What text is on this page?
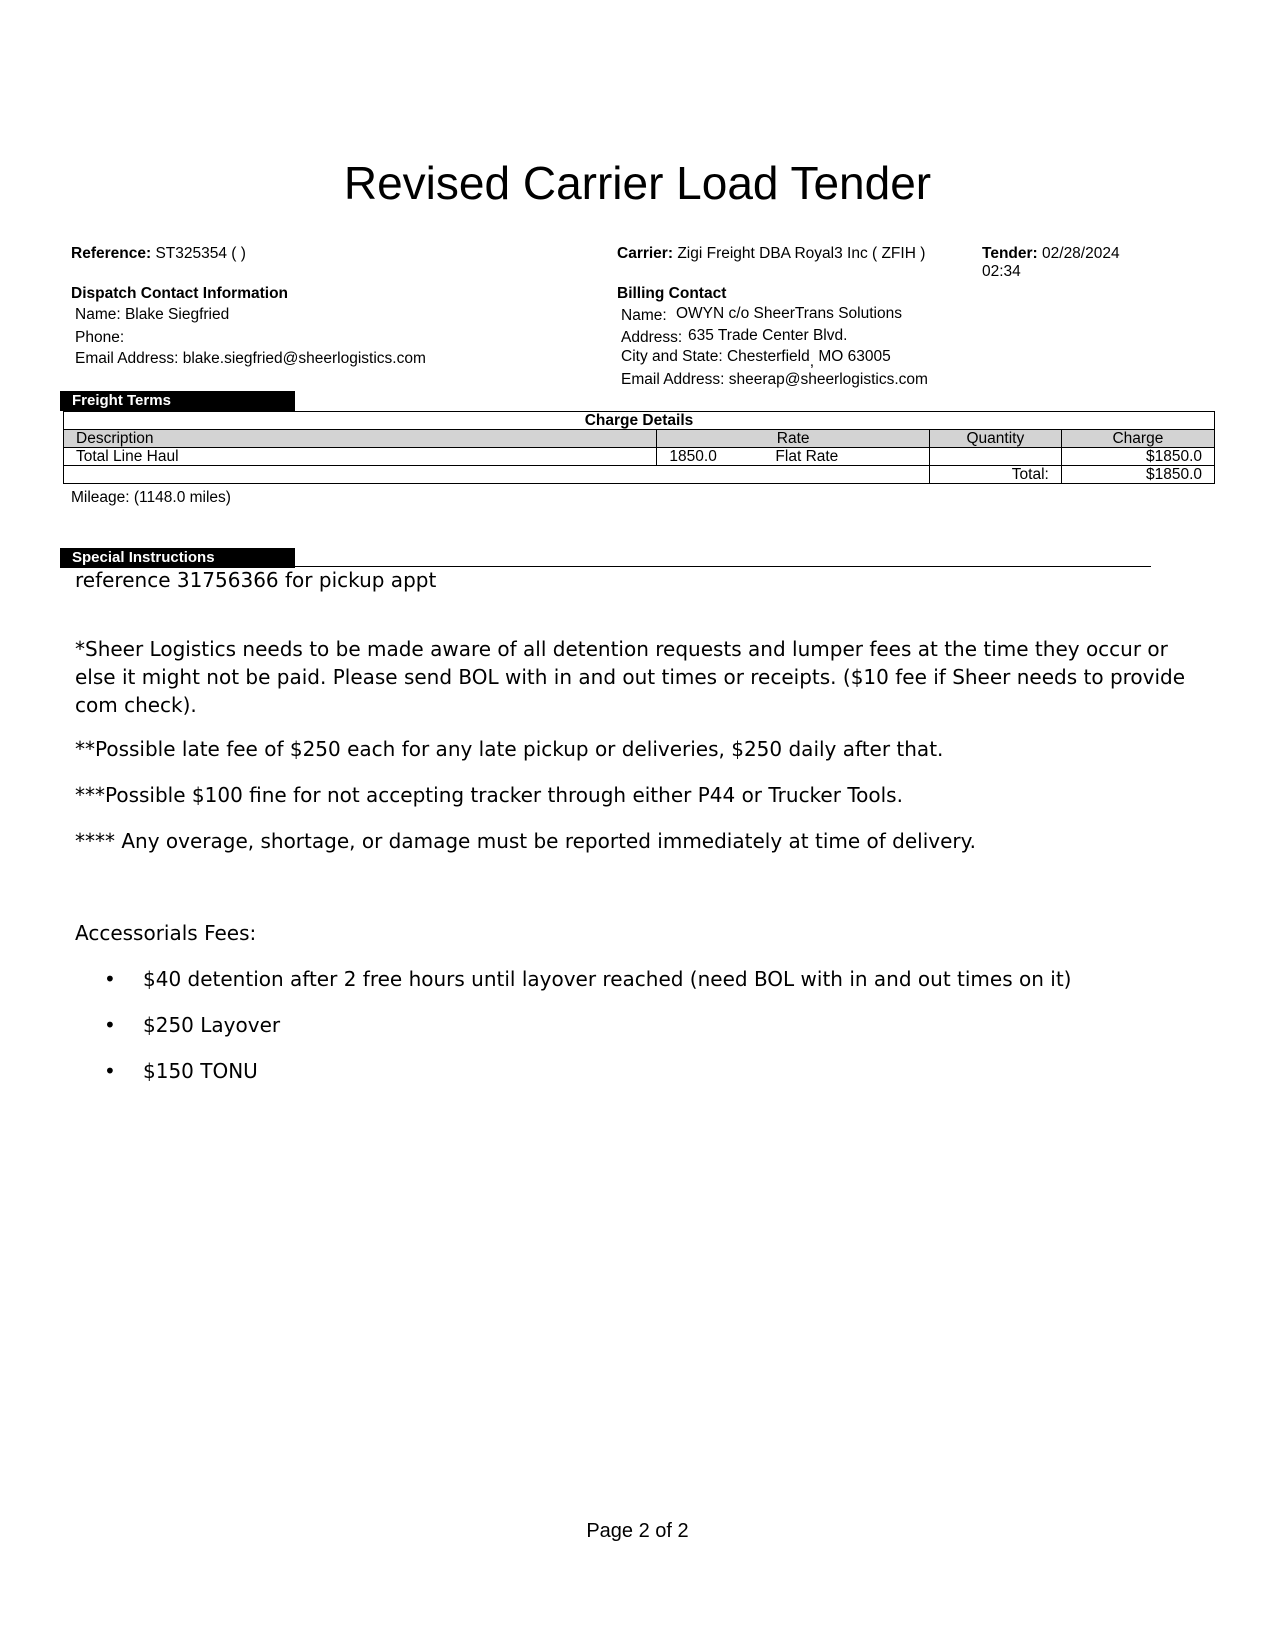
Revised Carrier Load Tender
Reference: ST325354 ( )	Carrier: Zigi Freight DBA Royal3 Inc ( ZFIH )	Tender: 02/28/2024
02:34
Dispatch Contact Information
Name: Blake Siegfried
Phone:
Email Address: blake.siegfried@sheerlogistics.com
Billing Contact
Name: OWYN c/o SheerTrans Solutions
Address: 635 Trade Center Blvd.
City and State: Chesterfield, MO 63005
Email Address: sheerap@sheerlogistics.com
Freight Terms
Charge Details			
Description	Rate	Quantity	Charge
Total Line Haul	1850.0 Flat Rate		$1850.0
		Total:	$1850.0
Mileage: (1148.0 miles)
Special Instructions
reference 31756366 for pickup appt
*Sheer Logistics needs to be made aware of all detention requests and lumper fees at the time they occur or else it might not be paid. Please send BOL with in and out times or receipts. ($10 fee if Sheer needs to provide com check).
**Possible late fee of $250 each for any late pickup or deliveries, $250 daily after that.
***Possible $100 fine for not accepting tracker through either P44 or Trucker Tools.
**** Any overage, shortage, or damage must be reported immediately at time of delivery.
Accessorials Fees:
• $40 detention after 2 free hours until layover reached (need BOL with in and out times on it)
• $250 Layover
• $150 TONU
Page 2 of 2
